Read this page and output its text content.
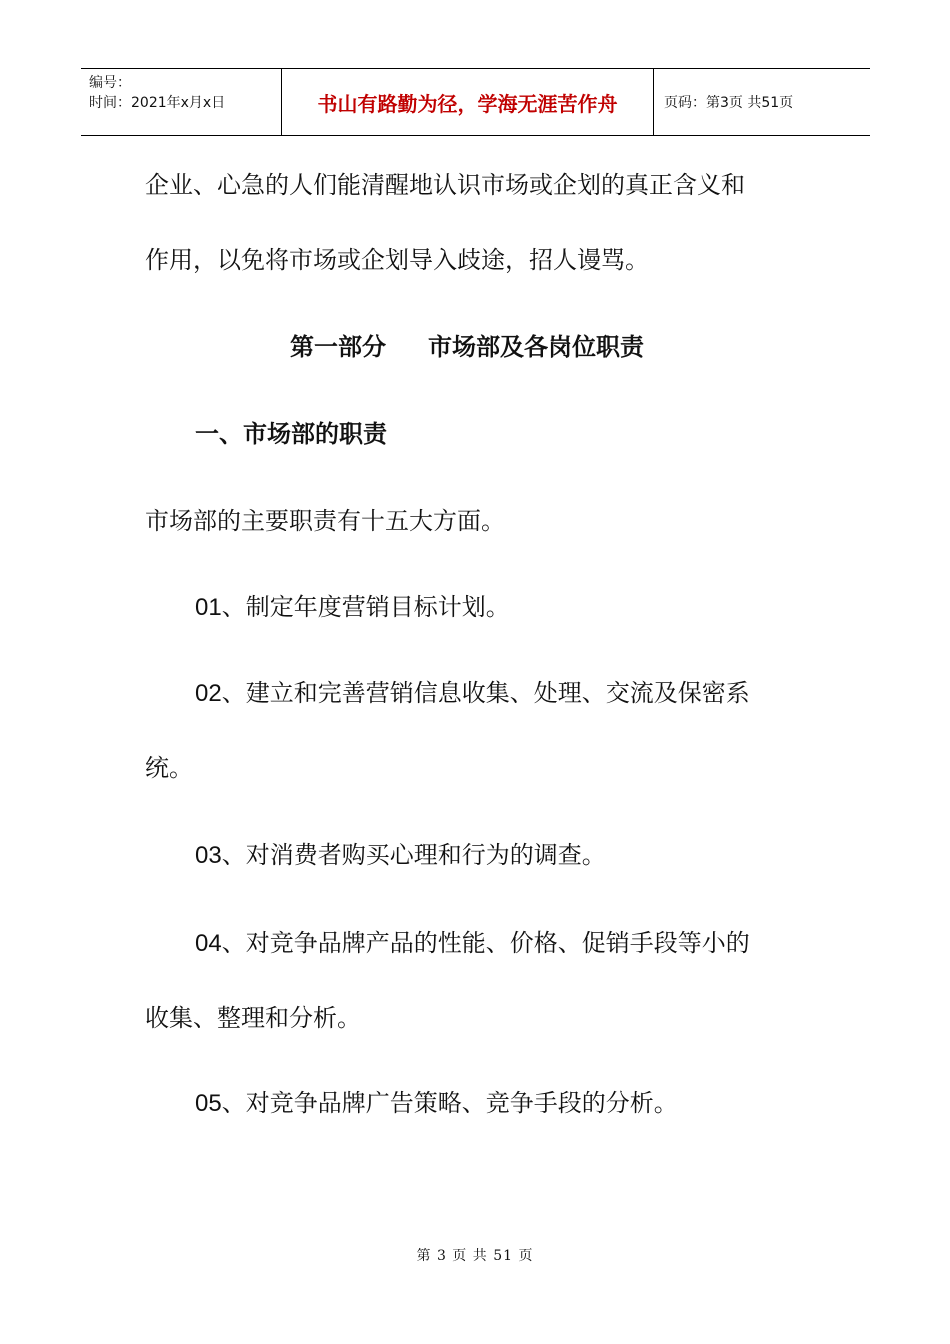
编号：
时间：2021年x月x日	书山有路勤为径，学海无涯苦作舟	页码：第3页 共51页
企业、心急的人们能清醒地认识市场或企划的真正含义和
作用，以免将市场或企划导入歧途，招人谩骂。
第一部分 市场部及各岗位职责
一、市场部的职责
市场部的主要职责有十五大方面。
01、制定年度营销目标计划。
02、建立和完善营销信息收集、处理、交流及保密系
统。
03、对消费者购买心理和行为的调查。
04、对竞争品牌产品的性能、价格、促销手段等小的
收集、整理和分析。
05、对竞争品牌广告策略、竞争手段的分析。
第 3 页 共 51 页
